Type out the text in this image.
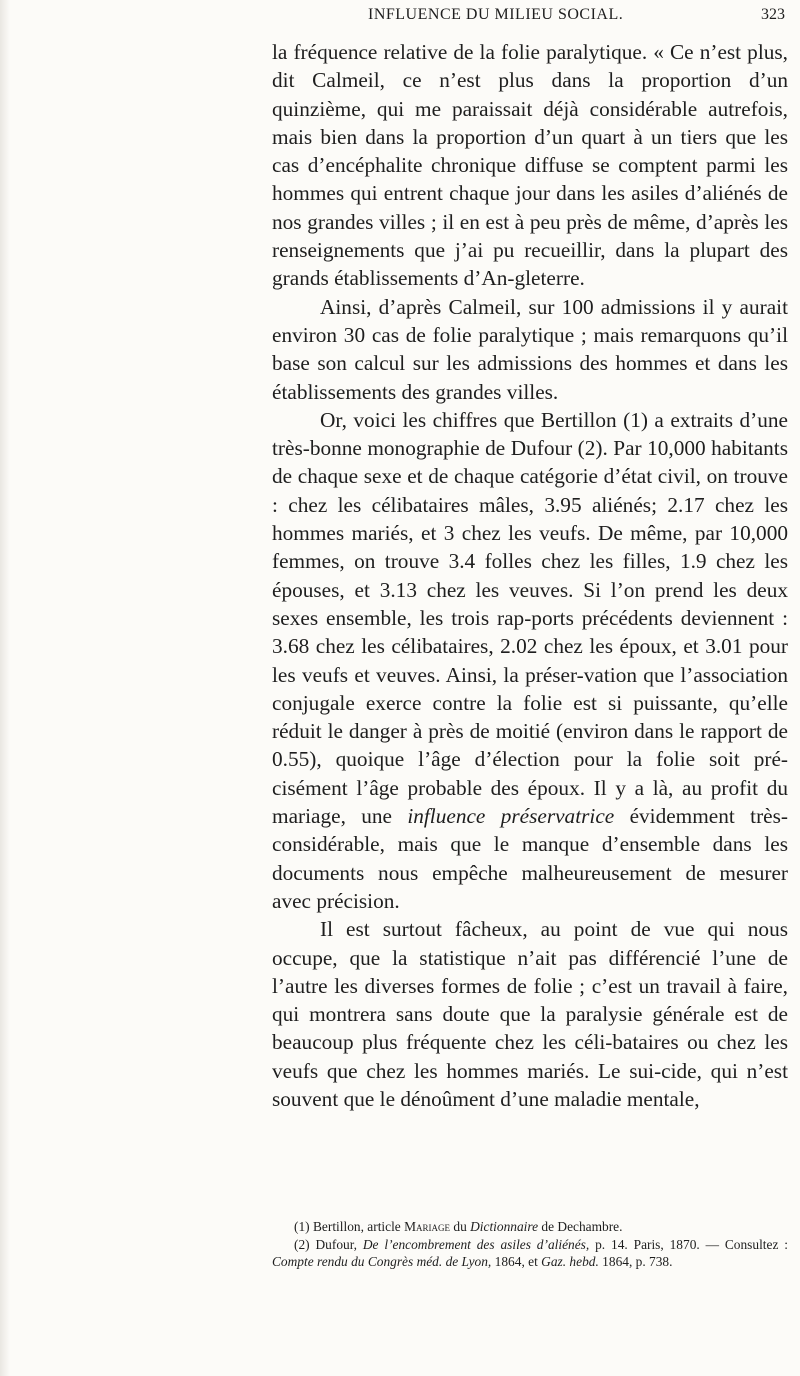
INFLUENCE DU MILIEU SOCIAL.	323

la fréquence relative de la folie paralytique. « Ce n’est plus, dit Calmeil, ce n’est plus dans la proportion d’un quinzième, qui me paraissait déjà considérable autrefois, mais bien dans la proportion d’un quart à un tiers que les cas d’encéphalite chronique diffuse se comptent parmi les hommes qui entrent chaque jour dans les asiles d’aliénés de nos grandes villes ; il en est à peu près de même, d’après les renseignements que j’ai pu recueillir, dans la plupart des grands établissements d’An-gleterre.

Ainsi, d’après Calmeil, sur 100 admissions il y aurait environ 30 cas de folie paralytique ; mais remarquons qu’il base son calcul sur les admissions des hommes et dans les établissements des grandes villes.

Or, voici les chiffres que Bertillon (1) a extraits d’une très-bonne monographie de Dufour (2). Par 10,000 habitants de chaque sexe et de chaque catégorie d’état civil, on trouve : chez les célibataires mâles, 3.95 aliénés; 2.17 chez les hommes mariés, et 3 chez les veufs. De même, par 10,000 femmes, on trouve 3.4 folles chez les filles, 1.9 chez les épouses, et 3.13 chez les veuves. Si l’on prend les deux sexes ensemble, les trois rap-ports précédents deviennent : 3.68 chez les célibataires, 2.02 chez les époux, et 3.01 pour les veufs et veuves. Ainsi, la préser-vation que l’association conjugale exerce contre la folie est si puissante, qu’elle réduit le danger à près de moitié (environ dans le rapport de 0.55), quoique l’âge d’élection pour la folie soit pré-cisément l’âge probable des époux. Il y a là, au profit du mariage, une influence préservatrice évidemment très-considérable, mais que le manque d’ensemble dans les documents nous empêche malheureusement de mesurer avec précision.

Il est surtout fâcheux, au point de vue qui nous occupe, que la statistique n’ait pas différencié l’une de l’autre les diverses formes de folie ; c’est un travail à faire, qui montrera sans doute que la paralysie générale est de beaucoup plus fréquente chez les céli-bataires ou chez les veufs que chez les hommes mariés. Le sui-cide, qui n’est souvent que le dénoûment d’une maladie mentale,

(1) Bertillon, article Mariage du Dictionnaire de Dechambre.

(2) Dufour, De l’encombrement des asiles d’aliénés, p. 14. Paris, 1870. — Consultez : Compte rendu du Congrès méd. de Lyon, 1864, et Gaz. hebd. 1864, p. 738.
